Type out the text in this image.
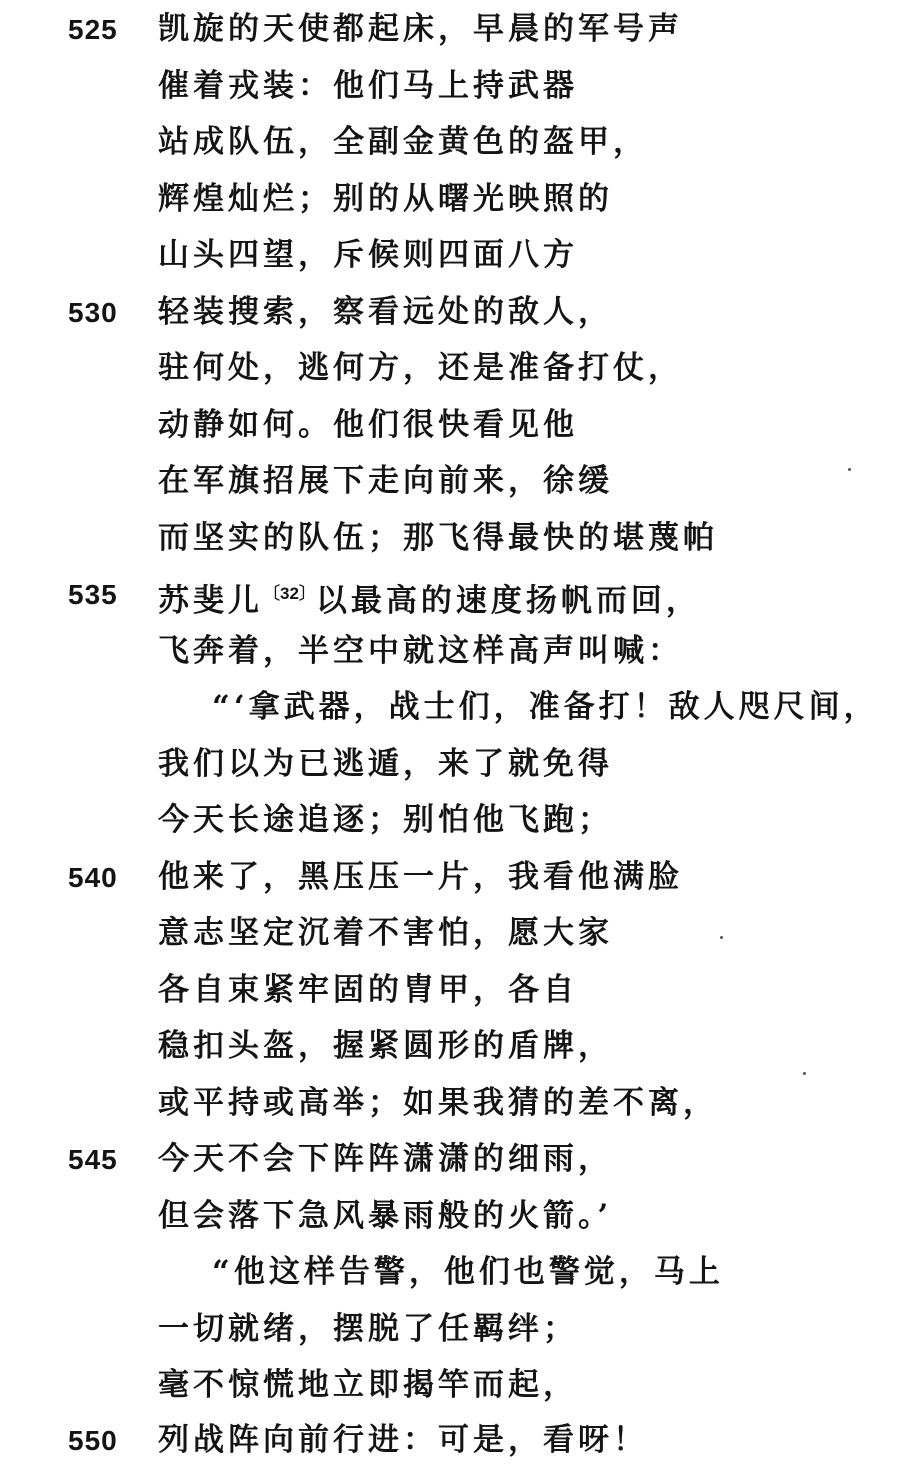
525	凯旋的天使都起床，早晨的军号声
催着戎装：他们马上持武器
站成队伍，全副金黄色的盔甲，
辉煌灿烂；别的从曙光映照的
山头四望，斥候则四面八方
530	轻装搜索，察看远处的敌人，
驻何处，逃何方，还是准备打仗，
动静如何。他们很快看见他
在军旗招展下走向前来，徐缓
而坚实的队伍；那飞得最快的堪蔑帕
535	苏斐儿$^{〔32〕}$以最高的速度扬帆而回，
飞奔着，半空中就这样高声叫喊：
“‘拿武器，战士们，准备打！敌人咫尺间，
我们以为已逃遁，来了就免得
今天长途追逐；别怕他飞跑；
540	他来了，黑压压一片，我看他满脸
意志坚定沉着不害怕，愿大家
各自束紧牢固的胄甲，各自
稳扣头盔，握紧圆形的盾牌，
或平持或高举；如果我猜的差不离，
545	今天不会下阵阵潇潇的细雨，
但会落下急风暴雨般的火箭。’
“他这样告警，他们也警觉，马上
一切就绪，摆脱了任羁绊；
毫不惊慌地立即揭竿而起，
550	列战阵向前行进：可是，看呀！
